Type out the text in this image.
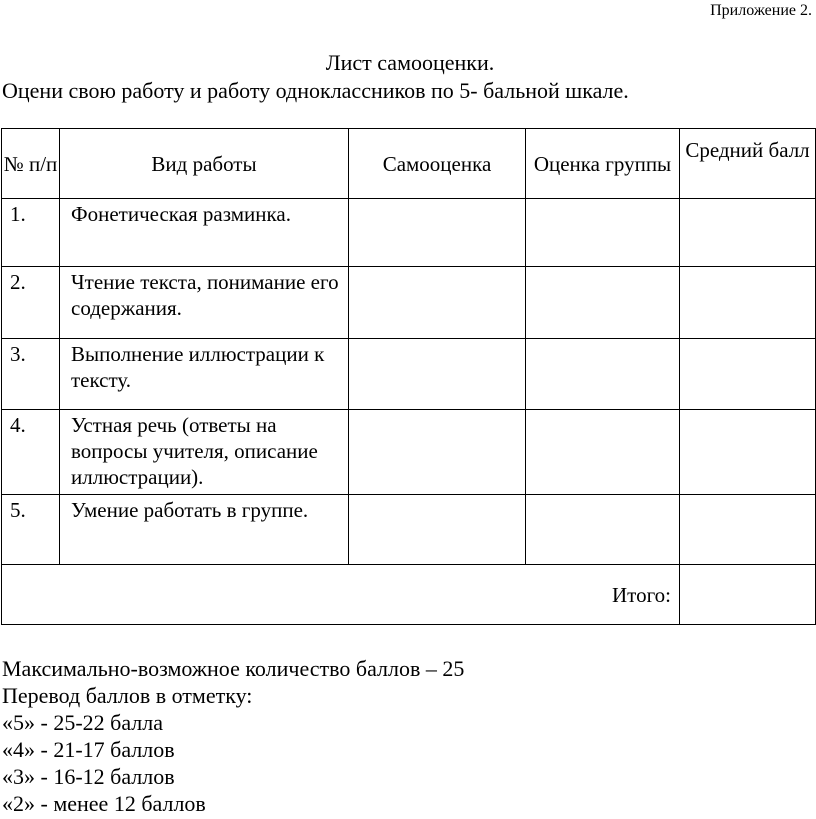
Приложение 2.
Лист самооценки.
Оцени свою работу и работу одноклассников по 5- бальной шкале.
№ п/п	Вид работы	Самооценка	Оценка группы	Средний балл
1.	Фонетическая разминка.			
2.	Чтение текста, понимание его содержания.			
3.	Выполнение иллюстрации к тексту.			
4.	Устная речь (ответы на вопросы учителя, описание иллюстрации).			
5.	Умение работать в группе.			
Итого:				
Максимально-возможное количество баллов – 25
Перевод баллов в отметку:
«5» - 25-22 балла
«4» - 21-17 баллов
«3» - 16-12 баллов
«2» - менее 12 баллов
